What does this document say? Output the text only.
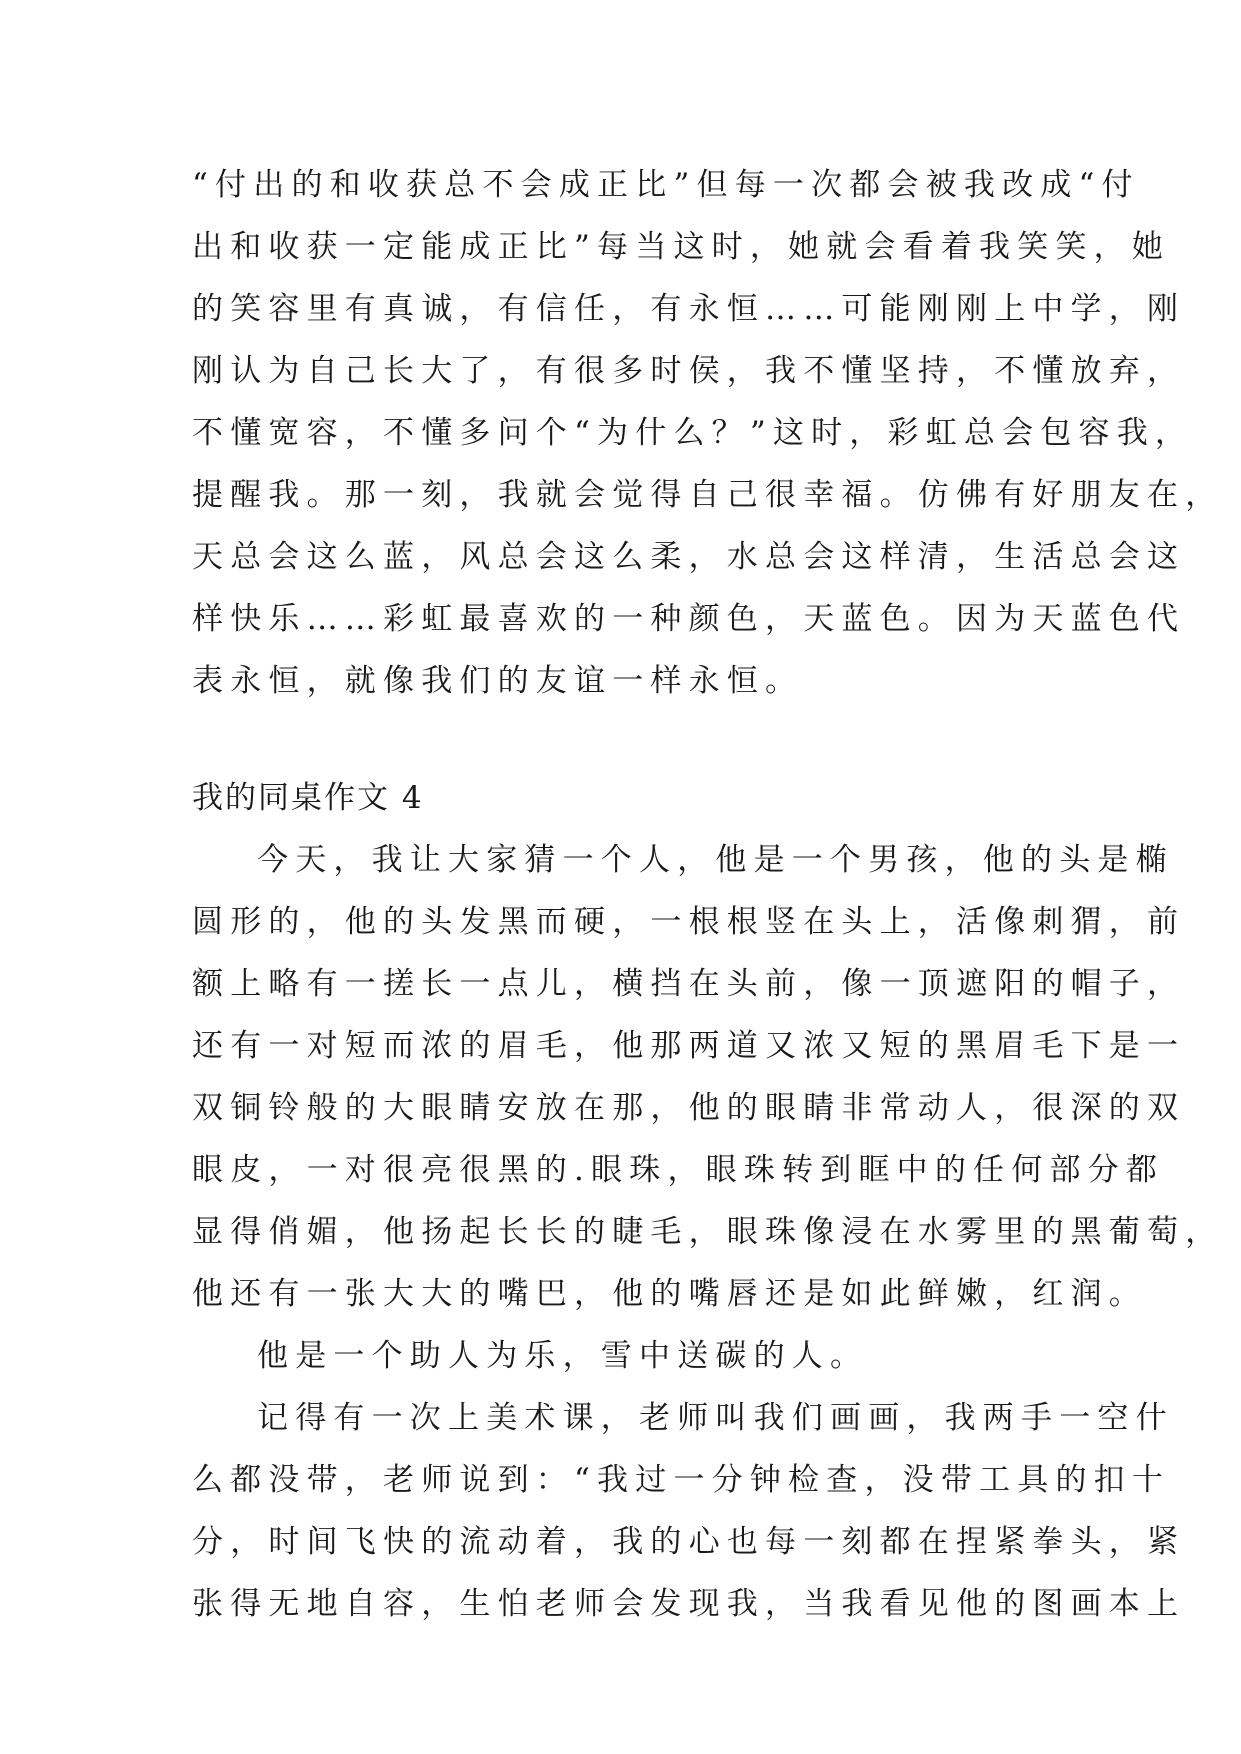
“付出的和收获总不会成正比”但每一次都会被我改成“付
出和收获一定能成正比”每当这时，她就会看着我笑笑，她
的笑容里有真诚，有信任，有永恒……可能刚刚上中学，刚
刚认为自己长大了，有很多时侯，我不懂坚持，不懂放弃，
不懂宽容，不懂多问个“为什么？”这时，彩虹总会包容我，
提醒我。那一刻，我就会觉得自己很幸福。仿佛有好朋友在，
天总会这么蓝，风总会这么柔，水总会这样清，生活总会这
样快乐……彩虹最喜欢的一种颜色，天蓝色。因为天蓝色代
表永恒，就像我们的友谊一样永恒。
我的同桌作文 4
今天，我让大家猜一个人，他是一个男孩，他的头是椭
圆形的，他的头发黑而硬，一根根竖在头上，活像刺猬，前
额上略有一搓长一点儿，横挡在头前，像一顶遮阳的帽子，
还有一对短而浓的眉毛，他那两道又浓又短的黑眉毛下是一
双铜铃般的大眼睛安放在那，他的眼睛非常动人，很深的双
眼皮，一对很亮很黑的.眼珠，眼珠转到眶中的任何部分都
显得俏媚，他扬起长长的睫毛，眼珠像浸在水雾里的黑葡萄，
他还有一张大大的嘴巴，他的嘴唇还是如此鲜嫩，红润。
他是一个助人为乐，雪中送碳的人。
记得有一次上美术课，老师叫我们画画，我两手一空什
么都没带，老师说到：“我过一分钟检查，没带工具的扣十
分，时间飞快的流动着，我的心也每一刻都在捏紧拳头，紧
张得无地自容，生怕老师会发现我，当我看见他的图画本上
